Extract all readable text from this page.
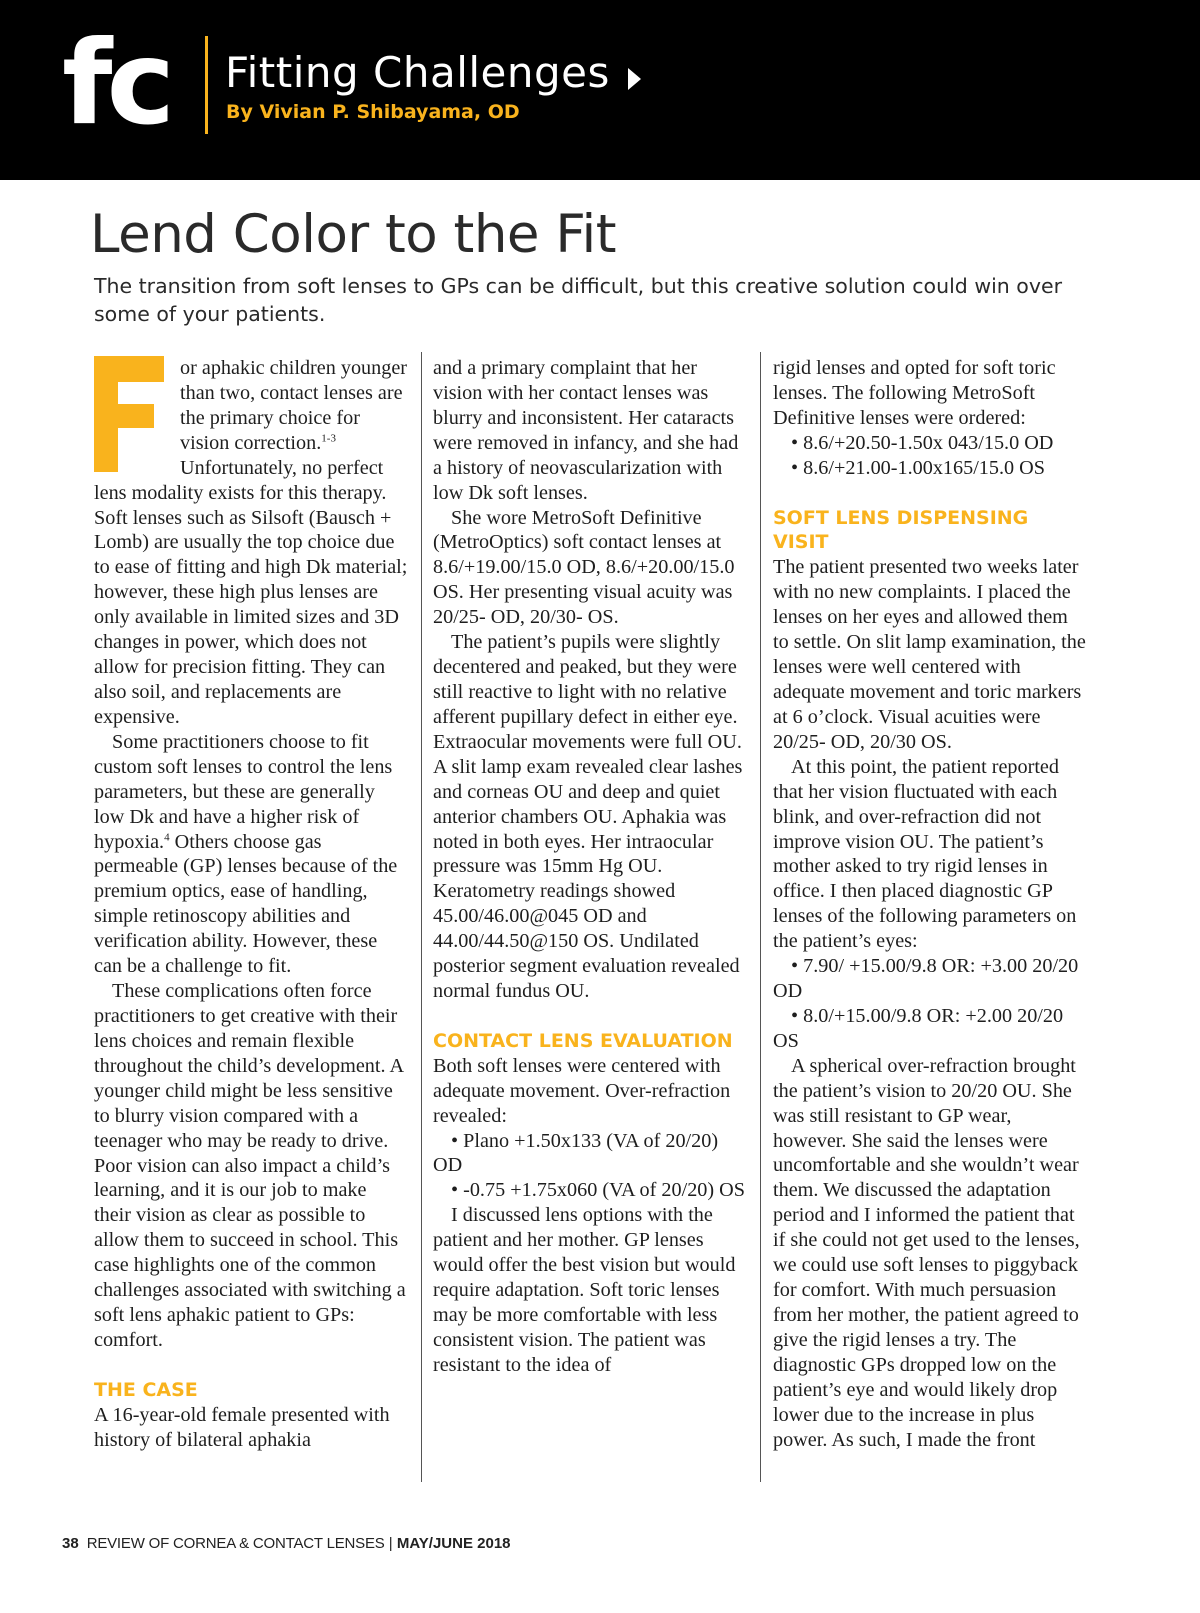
fc Fitting Challenges
By Vivian P. Shibayama, OD
Lend Color to the Fit

The transition from soft lenses to GPs can be difficult, but this creative solution could win over some of your patients.

or aphakic children younger than two, contact lenses are the primary choice for vision correction.$^{1-3}$ Unfortunately, no perfect lens modality exists for this therapy. Soft lenses such as Silsoft (Bausch + Lomb) are usually the top choice due to ease of fitting and high Dk material; however, these high plus lenses are only available in limited sizes and 3D changes in power, which does not allow for precision fitting. They can also soil, and replacements are expensive.

Some practitioners choose to fit custom soft lenses to control the lens parameters, but these are generally low Dk and have a higher risk of hypoxia.$^4$ Others choose gas permeable (GP) lenses because of the premium optics, ease of handling, simple retinoscopy abilities and verification ability. However, these can be a challenge to fit.

These complications often force practitioners to get creative with their lens choices and remain flexible throughout the child’s development. A younger child might be less sensitive to blurry vision compared with a teenager who may be ready to drive. Poor vision can also impact a child’s learning, and it is our job to make their vision as clear as possible to allow them to succeed in school. This case highlights one of the common challenges associated with switching a soft lens aphakic patient to GPs: comfort.

THE CASE

A 16-year-old female presented with history of bilateral aphakia

and a primary complaint that her vision with her contact lenses was blurry and inconsistent. Her cataracts were removed in infancy, and she had a history of neovascularization with low Dk soft lenses.

She wore MetroSoft Definitive (MetroOptics) soft contact lenses at 8.6/+19.00/15.0 OD, 8.6/+20.00/15.0 OS. Her presenting visual acuity was 20/25- OD, 20/30- OS.

The patient’s pupils were slightly decentered and peaked, but they were still reactive to light with no relative afferent pupillary defect in either eye. Extraocular movements were full OU. A slit lamp exam revealed clear lashes and corneas OU and deep and quiet anterior chambers OU. Aphakia was noted in both eyes. Her intraocular pressure was 15mm Hg OU. Keratometry readings showed 45.00/46.00@045 OD and 44.00/44.50@150 OS. Undilated posterior segment evaluation revealed normal fundus OU.

CONTACT LENS EVALUATION

Both soft lenses were centered with adequate movement. Over-refraction revealed:

• Plano +1.50x133 (VA of 20/20) OD

• -0.75 +1.75x060 (VA of 20/20) OS

I discussed lens options with the patient and her mother. GP lenses would offer the best vision but would require adaptation. Soft toric lenses may be more comfortable with less consistent vision. The patient was resistant to the idea of

rigid lenses and opted for soft toric lenses. The following MetroSoft Definitive lenses were ordered:

• 8.6/+20.50-1.50x 043/15.0 OD

• 8.6/+21.00-1.00x165/15.0 OS

SOFT LENS DISPENSING VISIT

The patient presented two weeks later with no new complaints. I placed the lenses on her eyes and allowed them to settle. On slit lamp examination, the lenses were well centered with adequate movement and toric markers at 6 o’clock. Visual acuities were 20/25- OD, 20/30 OS.

At this point, the patient reported that her vision fluctuated with each blink, and over-refraction did not improve vision OU. The patient’s mother asked to try rigid lenses in office. I then placed diagnostic GP lenses of the following parameters on the patient’s eyes:

• 7.90/ +15.00/9.8 OR: +3.00 20/20 OD

• 8.0/+15.00/9.8 OR: +2.00 20/20 OS

A spherical over-refraction brought the patient’s vision to 20/20 OU. She was still resistant to GP wear, however. She said the lenses were uncomfortable and she wouldn’t wear them. We discussed the adaptation period and I informed the patient that if she could not get used to the lenses, we could use soft lenses to piggyback for comfort. With much persuasion from her mother, the patient agreed to give the rigid lenses a try. The diagnostic GPs dropped low on the patient’s eye and would likely drop lower due to the increase in plus power. As such, I made the front

38 REVIEW OF CORNEA & CONTACT LENSES | MAY/JUNE 2018
